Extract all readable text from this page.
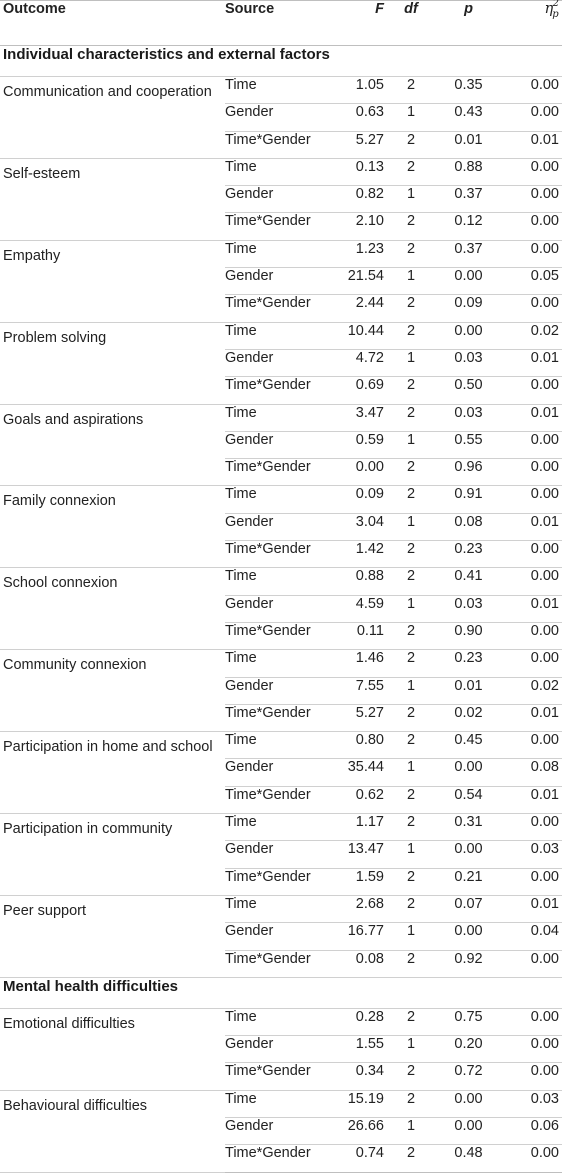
Outcome	Source	F	df	p	$\eta_p^2$
Individual characteristics and external factors					
Communication and cooperation	Time	1.05	2	0.35	0.00
	Gender	0.63	1	0.43	0.00
	Time*Gender	5.27	2	0.01	0.01
Self-esteem	Time	0.13	2	0.88	0.00
	Gender	0.82	1	0.37	0.00
	Time*Gender	2.10	2	0.12	0.00
Empathy	Time	1.23	2	0.37	0.00
	Gender	21.54	1	0.00	0.05
	Time*Gender	2.44	2	0.09	0.00
Problem solving	Time	10.44	2	0.00	0.02
	Gender	4.72	1	0.03	0.01
	Time*Gender	0.69	2	0.50	0.00
Goals and aspirations	Time	3.47	2	0.03	0.01
	Gender	0.59	1	0.55	0.00
	Time*Gender	0.00	2	0.96	0.00
Family connexion	Time	0.09	2	0.91	0.00
	Gender	3.04	1	0.08	0.01
	Time*Gender	1.42	2	0.23	0.00
School connexion	Time	0.88	2	0.41	0.00
	Gender	4.59	1	0.03	0.01
	Time*Gender	0.11	2	0.90	0.00
Community connexion	Time	1.46	2	0.23	0.00
	Gender	7.55	1	0.01	0.02
	Time*Gender	5.27	2	0.02	0.01
Participation in home and school	Time	0.80	2	0.45	0.00
	Gender	35.44	1	0.00	0.08
	Time*Gender	0.62	2	0.54	0.01
Participation in community	Time	1.17	2	0.31	0.00
	Gender	13.47	1	0.00	0.03
	Time*Gender	1.59	2	0.21	0.00
Peer support	Time	2.68	2	0.07	0.01
	Gender	16.77	1	0.00	0.04
	Time*Gender	0.08	2	0.92	0.00
Mental health difficulties					
Emotional difficulties	Time	0.28	2	0.75	0.00
	Gender	1.55	1	0.20	0.00
	Time*Gender	0.34	2	0.72	0.00
Behavioural difficulties	Time	15.19	2	0.00	0.03
	Gender	26.66	1	0.00	0.06
	Time*Gender	0.74	2	0.48	0.00
